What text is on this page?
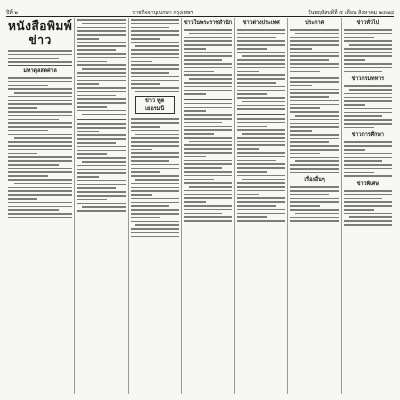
ปีที่ ๒	ราชกิจจานุเบกษา กรุงเทพฯ	วันพฤหัสบดีที่ ๕ เดือน สิงหาคม ๒๔๗๘
หนังสือพิมพ์ข่าว
มหาดุลสดศาล
ข่าว ทูต เยอรมนี
ข่าวในพระราชสำนัก	ข่าวต่างประเทศ	ประกาศ
เรื่องอื่นๆ
ข่าวทั่วไป
ข่าวกรมทหาร
ข่าวการศึกษา
ข่าวพิเศษ
